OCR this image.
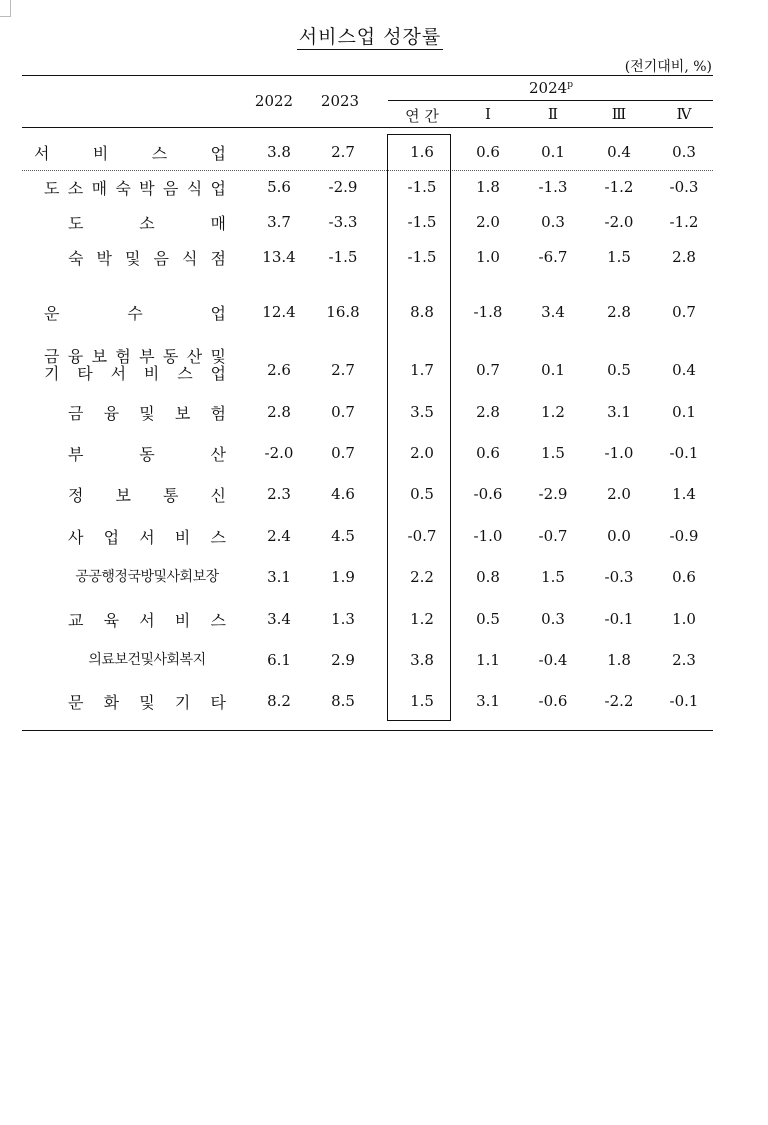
서비스업 성장률
(전기대비, %)
2022	2023
2024$^p$
연 간	Ⅰ	Ⅱ	Ⅲ	Ⅳ
서	비	스	업	3.8	2.7	1.6	0.6	0.1	0.4	0.3
도 소 매 숙 박 음 식 업	5.6	-2.9	-1.5	1.8	-1.3	-1.2	-0.3
도	소	매	3.7	-3.3	-1.5	2.0	0.3	-2.0	-1.2
숙 박 및 음 식 점	13.4	-1.5	-1.5	1.0	-6.7	1.5	2.8
운	수	업	12.4	16.8	8.8	-1.8	3.4	2.8	0.7
금 융 보 험 부 동 산 및
기 타 서 비 스 업	2.6	2.7	1.7	0.7	0.1	0.5	0.4
금 융 및 보 험	2.8	0.7	3.5	2.8	1.2	3.1	0.1
부	동	산	-2.0	0.7	2.0	0.6	1.5	-1.0	-0.1
정 보 통 신	2.3	4.6	0.5	-0.6	-2.9	2.0	1.4
사 업 서 비 스	2.4	4.5	-0.7	-1.0	-0.7	0.0	-0.9
공공행정국방및사회보장	3.1	1.9	2.2	0.8	1.5	-0.3	0.6
교 육 서 비 스	3.4	1.3	1.2	0.5	0.3	-0.1	1.0
의료보건및사회복지	6.1	2.9	3.8	1.1	-0.4	1.8	2.3
문 화 및 기 타	8.2	8.5	1.5	3.1	-0.6	-2.2	-0.1
